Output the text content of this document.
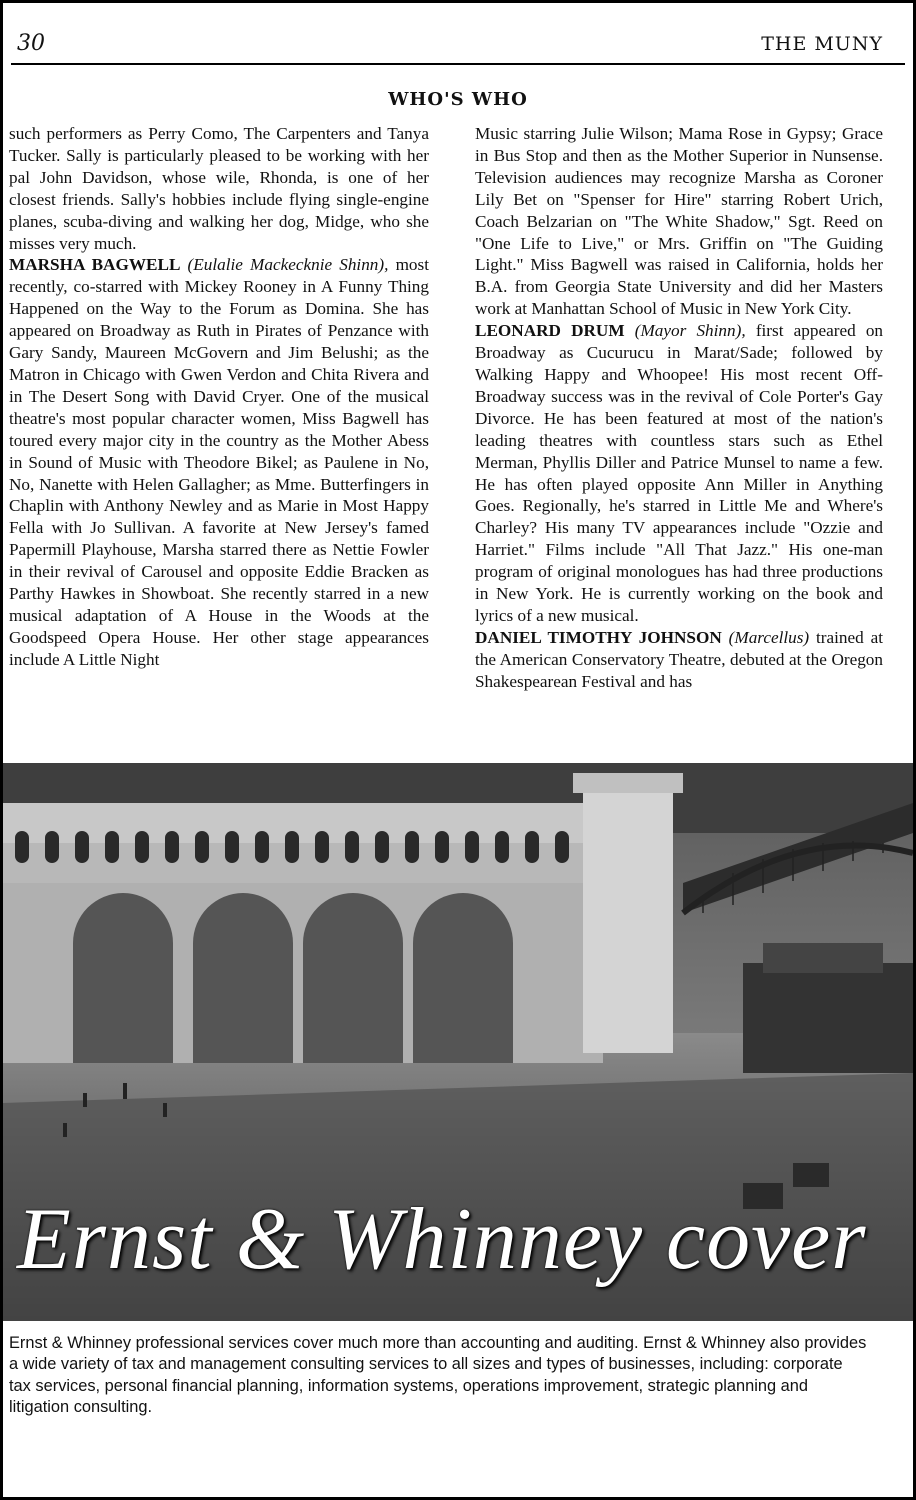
30	THE MUNY
WHO'S WHO

such performers as Perry Como, The Carpenters and Tanya Tucker. Sally is particularly pleased to be working with her pal John Davidson, whose wile, Rhonda, is one of her closest friends. Sally's hobbies include flying single-engine planes, scuba-diving and walking her dog, Midge, who she misses very much.

MARSHA BAGWELL (Eulalie Mackecknie Shinn), most recently, co-starred with Mickey Rooney in A Funny Thing Happened on the Way to the Forum as Domina. She has appeared on Broadway as Ruth in Pirates of Penzance with Gary Sandy, Maureen McGovern and Jim Belushi; as the Matron in Chicago with Gwen Verdon and Chita Rivera and in The Desert Song with David Cryer. One of the musical theatre's most popular character women, Miss Bagwell has toured every major city in the country as the Mother Abess in Sound of Music with Theodore Bikel; as Paulene in No, No, Nanette with Helen Gallagher; as Mme. Butterfingers in Chaplin with Anthony Newley and as Marie in Most Happy Fella with Jo Sullivan. A favorite at New Jersey's famed Papermill Playhouse, Marsha starred there as Nettie Fowler in their revival of Carousel and opposite Eddie Bracken as Parthy Hawkes in Showboat. She recently starred in a new musical adaptation of A House in the Woods at the Goodspeed Opera House. Her other stage appearances include A Little Night

Music starring Julie Wilson; Mama Rose in Gypsy; Grace in Bus Stop and then as the Mother Superior in Nunsense. Television audiences may recognize Marsha as Coroner Lily Bet on "Spenser for Hire" starring Robert Urich, Coach Belzarian on "The White Shadow," Sgt. Reed on "One Life to Live," or Mrs. Griffin on "The Guiding Light." Miss Bagwell was raised in California, holds her B.A. from Georgia State University and did her Masters work at Manhattan School of Music in New York City.

LEONARD DRUM (Mayor Shinn), first appeared on Broadway as Cucurucu in Marat/Sade; followed by Walking Happy and Whoopee! His most recent Off-Broadway success was in the revival of Cole Porter's Gay Divorce. He has been featured at most of the nation's leading theatres with countless stars such as Ethel Merman, Phyllis Diller and Patrice Munsel to name a few. He has often played opposite Ann Miller in Anything Goes. Regionally, he's starred in Little Me and Where's Charley? His many TV appearances include "Ozzie and Harriet." Films include "All That Jazz." His one-man program of original monologues has had three productions in New York. He is currently working on the book and lyrics of a new musical.

DANIEL TIMOTHY JOHNSON (Marcellus) trained at the American Conservatory Theatre, debuted at the Oregon Shakespearean Festival and has

Ernst & Whinney cover
Ernst & Whinney professional services cover much more than accounting and auditing. Ernst & Whinney also provides a wide variety of tax and management consulting services to all sizes and types of businesses, including: corporate tax services, personal financial planning, information systems, operations improvement, strategic planning and litigation consulting.
